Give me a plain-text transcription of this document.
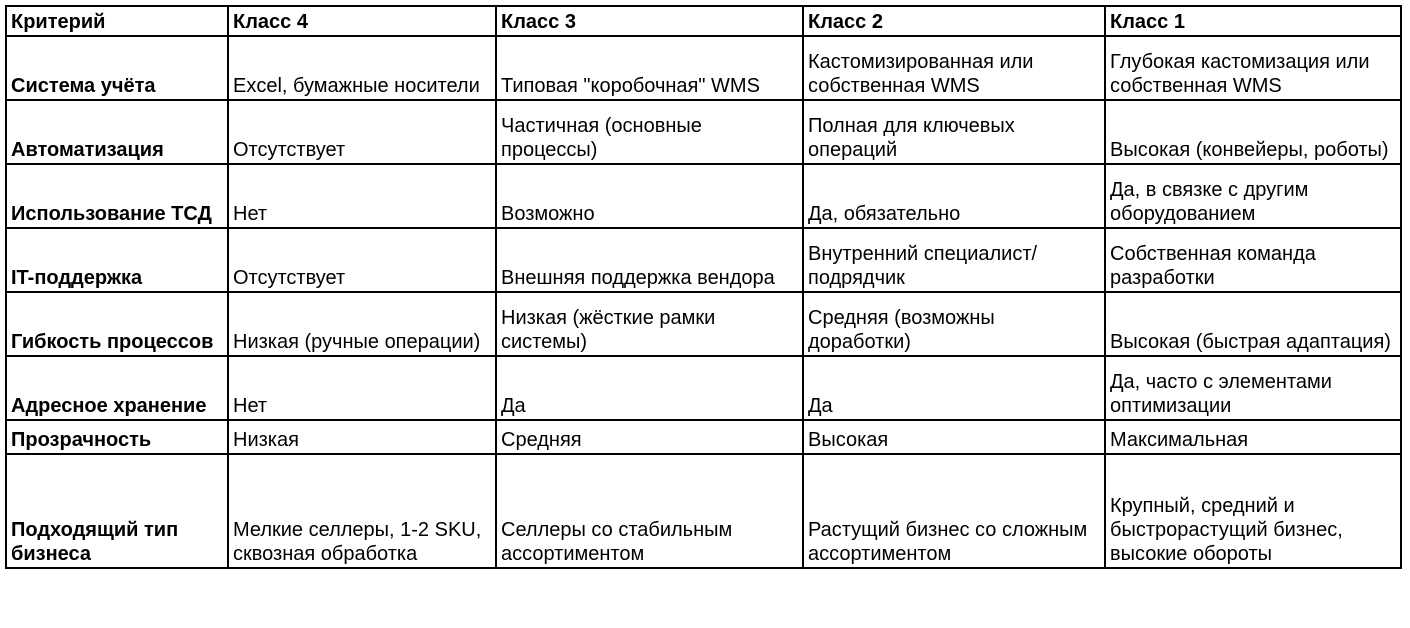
Критерий	Класс 4	Класс 3	Класс 2	Класс 1
Система учёта	Excel, бумажные носители	Типовая "коробочная" WMS	Кастомизированная или собственная WMS	Глубокая кастомизация или собственная WMS
Автоматизация	Отсутствует	Частичная (основные процессы)	Полная для ключевых операций	Высокая (конвейеры, роботы)
Использование ТСД	Нет	Возможно	Да, обязательно	Да, в связке с другим оборудованием
IT-поддержка	Отсутствует	Внешняя поддержка вендора	Внутренний специалист/подрядчик	Собственная команда разработки
Гибкость процессов	Низкая (ручные операции)	Низкая (жёсткие рамки системы)	Средняя (возможны доработки)	Высокая (быстрая адаптация)
Адресное хранение	Нет	Да	Да	Да, часто с элементами оптимизации
Прозрачность	Низкая	Средняя	Высокая	Максимальная
Подходящий тип бизнеса	Мелкие селлеры, 1-2 SKU, сквозная обработка	Селлеры со стабильным ассортиментом	Растущий бизнес со сложным ассортиментом	Крупный, средний и быстрорастущий бизнес, высокие обороты
